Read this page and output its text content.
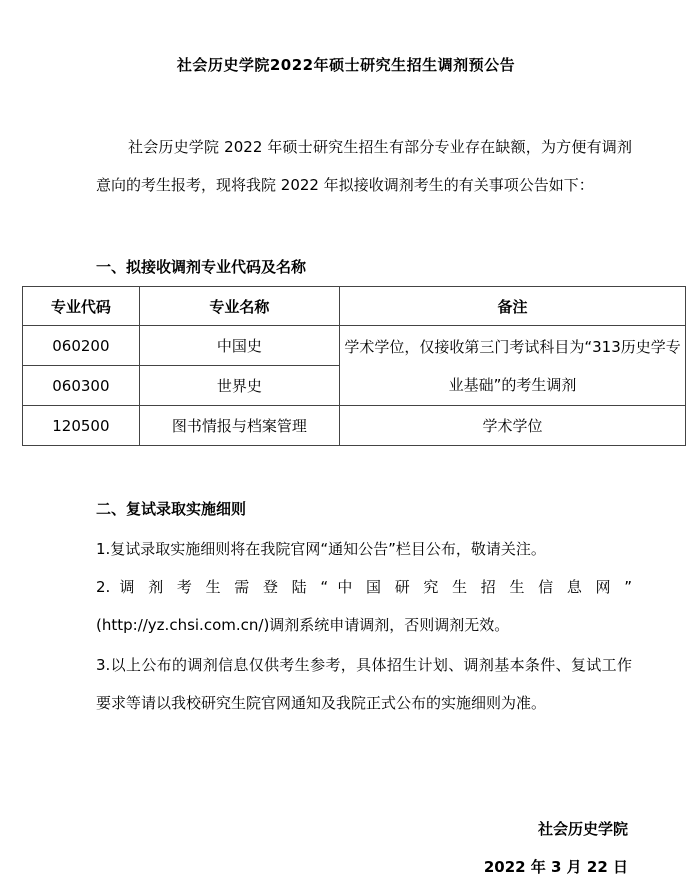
社会历史学院2022年硕士研究生招生调剂预公告
社会历史学院 2022 年硕士研究生招生有部分专业存在缺额，为方便有调剂意向的考生报考，现将我院 2022 年拟接收调剂考生的有关事项公告如下：
一、拟接收调剂专业代码及名称
专业代码	专业名称	备注
060200	中国史	学术学位，仅接收第三门考试科目为“313历史学专业基础”的考生调剂
060300	世界史	
120500	图书情报与档案管理	学术学位
二、复试录取实施细则
1.复试录取实施细则将在我院官网“通知公告”栏目公布，敬请关注。
2. 调 剂 考 生 需 登 陆 “ 中 国 研 究 生 招 生 信 息 网 ”
(http://yz.chsi.com.cn/)调剂系统申请调剂，否则调剂无效。
3.以上公布的调剂信息仅供考生参考，具体招生计划、调剂基本条件、复试工作要求等请以我校研究生院官网通知及我院正式公布的实施细则为准。
社会历史学院
2022 年 3 月 22 日
